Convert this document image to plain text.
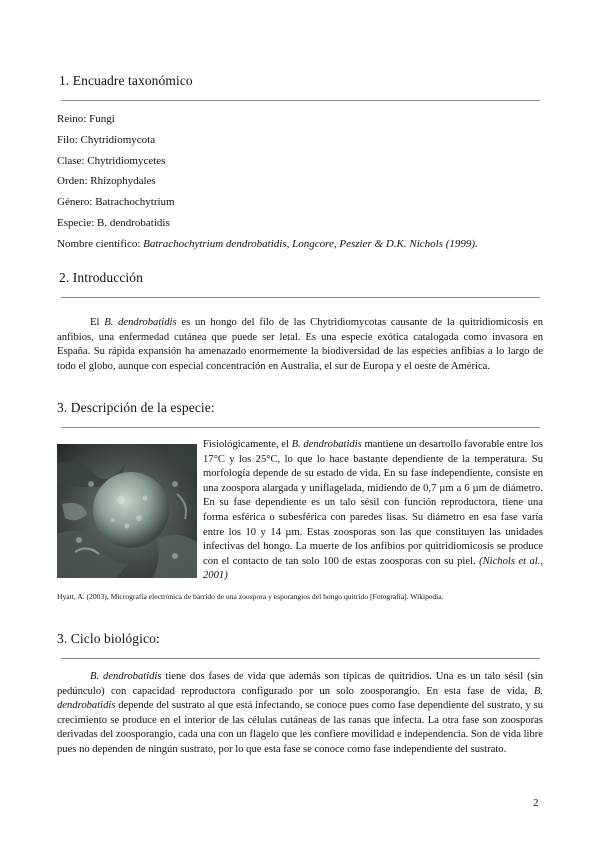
1. Encuadre taxonómico
Reino: Fungi
Filo: Chytridiomycota
Clase: Chytridiomycetes
Orden: Rhizophydales
Género: Batrachochytrium
Especie: B. dendrobatidis
Nombre científico: Batrachochytrium dendrobatidis, Longcore, Peszier & D.K. Nichols (1999).
2. Introducción
El B. dendrobatidis es un hongo del filo de las Chytridiomycotas causante de la quitridiomicosis en anfibios, una enfermedad cutánea que puede ser letal. Es una especie exótica catalogada como invasora en España. Su rápida expansión ha amenazado enormemente la biodiversidad de las especies anfibias a lo largo de todo el globo, aunque con especial concentración en Australia, el sur de Europa y el oeste de América.
3. Descripción de la especie:
Fisiológicamente, el B. dendrobatidis mantiene un desarrollo favorable entre los 17°C y los 25°C, lo que lo hace bastante dependiente de la temperatura. Su morfología depende de su estado de vida. En su fase independiente, consiste en una zoospora alargada y uniflagelada, midiendo de 0,7 µm a 6 µm de diámetro. En su fase dependiente es un talo sésil con función reproductora, tiene una forma esférica o subesférica con paredes lisas. Su diámetro en esa fase varía entre los 10 y 14 µm. Estas zoosporas son las que constituyen las unidades infectivas del hongo. La muerte de los anfibios por quitridiomicosis se produce con el contacto de tan solo 100 de estas zoosporas con su piel. (Nichols et al., 2001)
Hyatt, A. (2003), Micrografía electrónica de barrido de una zoospora y esporangios del hongo quitrido [Fotografía]. Wikipedia.
3. Ciclo biológico:
B. dendrobatidis tiene dos fases de vida que además son típicas de quitridios. Una es un talo sésil (sin pedúnculo) con capacidad reproductora configurado por un solo zoosporangio. En esta fase de vida, B. dendrobatidis depende del sustrato al que está infectando, se conoce pues como fase dependiente del sustrato, y su crecimiento se produce en el interior de las células cutáneas de las ranas que infecta. La otra fase son zoosporas derivadas del zoosporangio, cada una con un flagelo que les confiere movilidad e independencia. Son de vida libre pues no dependen de ningún sustrato, por lo que esta fase se conoce como fase independiente del sustrato.
2
